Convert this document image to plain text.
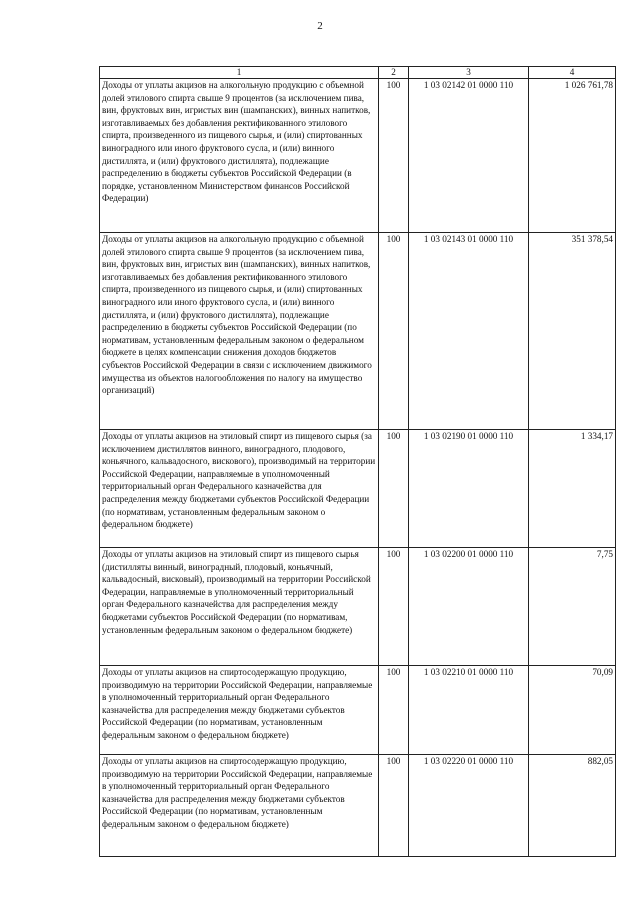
2
1	2	3	4
Доходы от уплаты акцизов на алкогольную продукцию с объемной долей этилового спирта свыше 9 процентов (за исключением пива, вин, фруктовых вин, игристых вин (шампанских), винных напитков, изготавливаемых без добавления ректификованного этилового спирта, произведенного из пищевого сырья, и (или) спиртованных виноградного или иного фруктового сусла, и (или) винного дистиллята, и (или) фруктового дистиллята), подлежащие распределению в бюджеты субъектов Российской Федерации (в порядке, установленном Министерством финансов Российской Федерации)	100	1 03 02142 01 0000 110	1 026 761,78
Доходы от уплаты акцизов на алкогольную продукцию с объемной долей этилового спирта свыше 9 процентов (за исключением пива, вин, фруктовых вин, игристых вин (шампанских), винных напитков, изготавливаемых без добавления ректификованного этилового спирта, произведенного из пищевого сырья, и (или) спиртованных виноградного или иного фруктового сусла, и (или) винного дистиллята, и (или) фруктового дистиллята), подлежащие распределению в бюджеты субъектов Российской Федерации (по нормативам, установленным федеральным законом о федеральном бюджете в целях компенсации снижения доходов бюджетов субъектов Российской Федерации в связи с исключением движимого имущества из объектов налогообложения по налогу на имущество организаций)	100	1 03 02143 01 0000 110	351 378,54
Доходы от уплаты акцизов на этиловый спирт из пищевого сырья (за исключением дистиллятов винного, виноградного, плодового, коньячного, кальвадосного, вискового), производимый на территории Российской Федерации, направляемые в уполномоченный территориальный орган Федерального казначейства для распределения между бюджетами субъектов Российской Федерации (по нормативам, установленным федеральным законом о федеральном бюджете)	100	1 03 02190 01 0000 110	1 334,17
Доходы от уплаты акцизов на этиловый спирт из пищевого сырья (дистилляты винный, виноградный, плодовый, коньячный, кальвадосный, висковый), производимый на территории Российской Федерации, направляемые в уполномоченный территориальный орган Федерального казначейства для распределения между бюджетами субъектов Российской Федерации (по нормативам, установленным федеральным законом о федеральном бюджете)	100	1 03 02200 01 0000 110	7,75
Доходы от уплаты акцизов на спиртосодержащую продукцию, производимую на территории Российской Федерации, направляемые в уполномоченный территориальный орган Федерального казначейства для распределения между бюджетами субъектов Российской Федерации (по нормативам, установленным федеральным законом о федеральном бюджете)	100	1 03 02210 01 0000 110	70,09
Доходы от уплаты акцизов на спиртосодержащую продукцию, производимую на территории Российской Федерации, направляемые в уполномоченный территориальный орган Федерального казначейства для распределения между бюджетами субъектов Российской Федерации (по нормативам, установленным федеральным законом о федеральном бюджете)	100	1 03 02220 01 0000 110	882,05
